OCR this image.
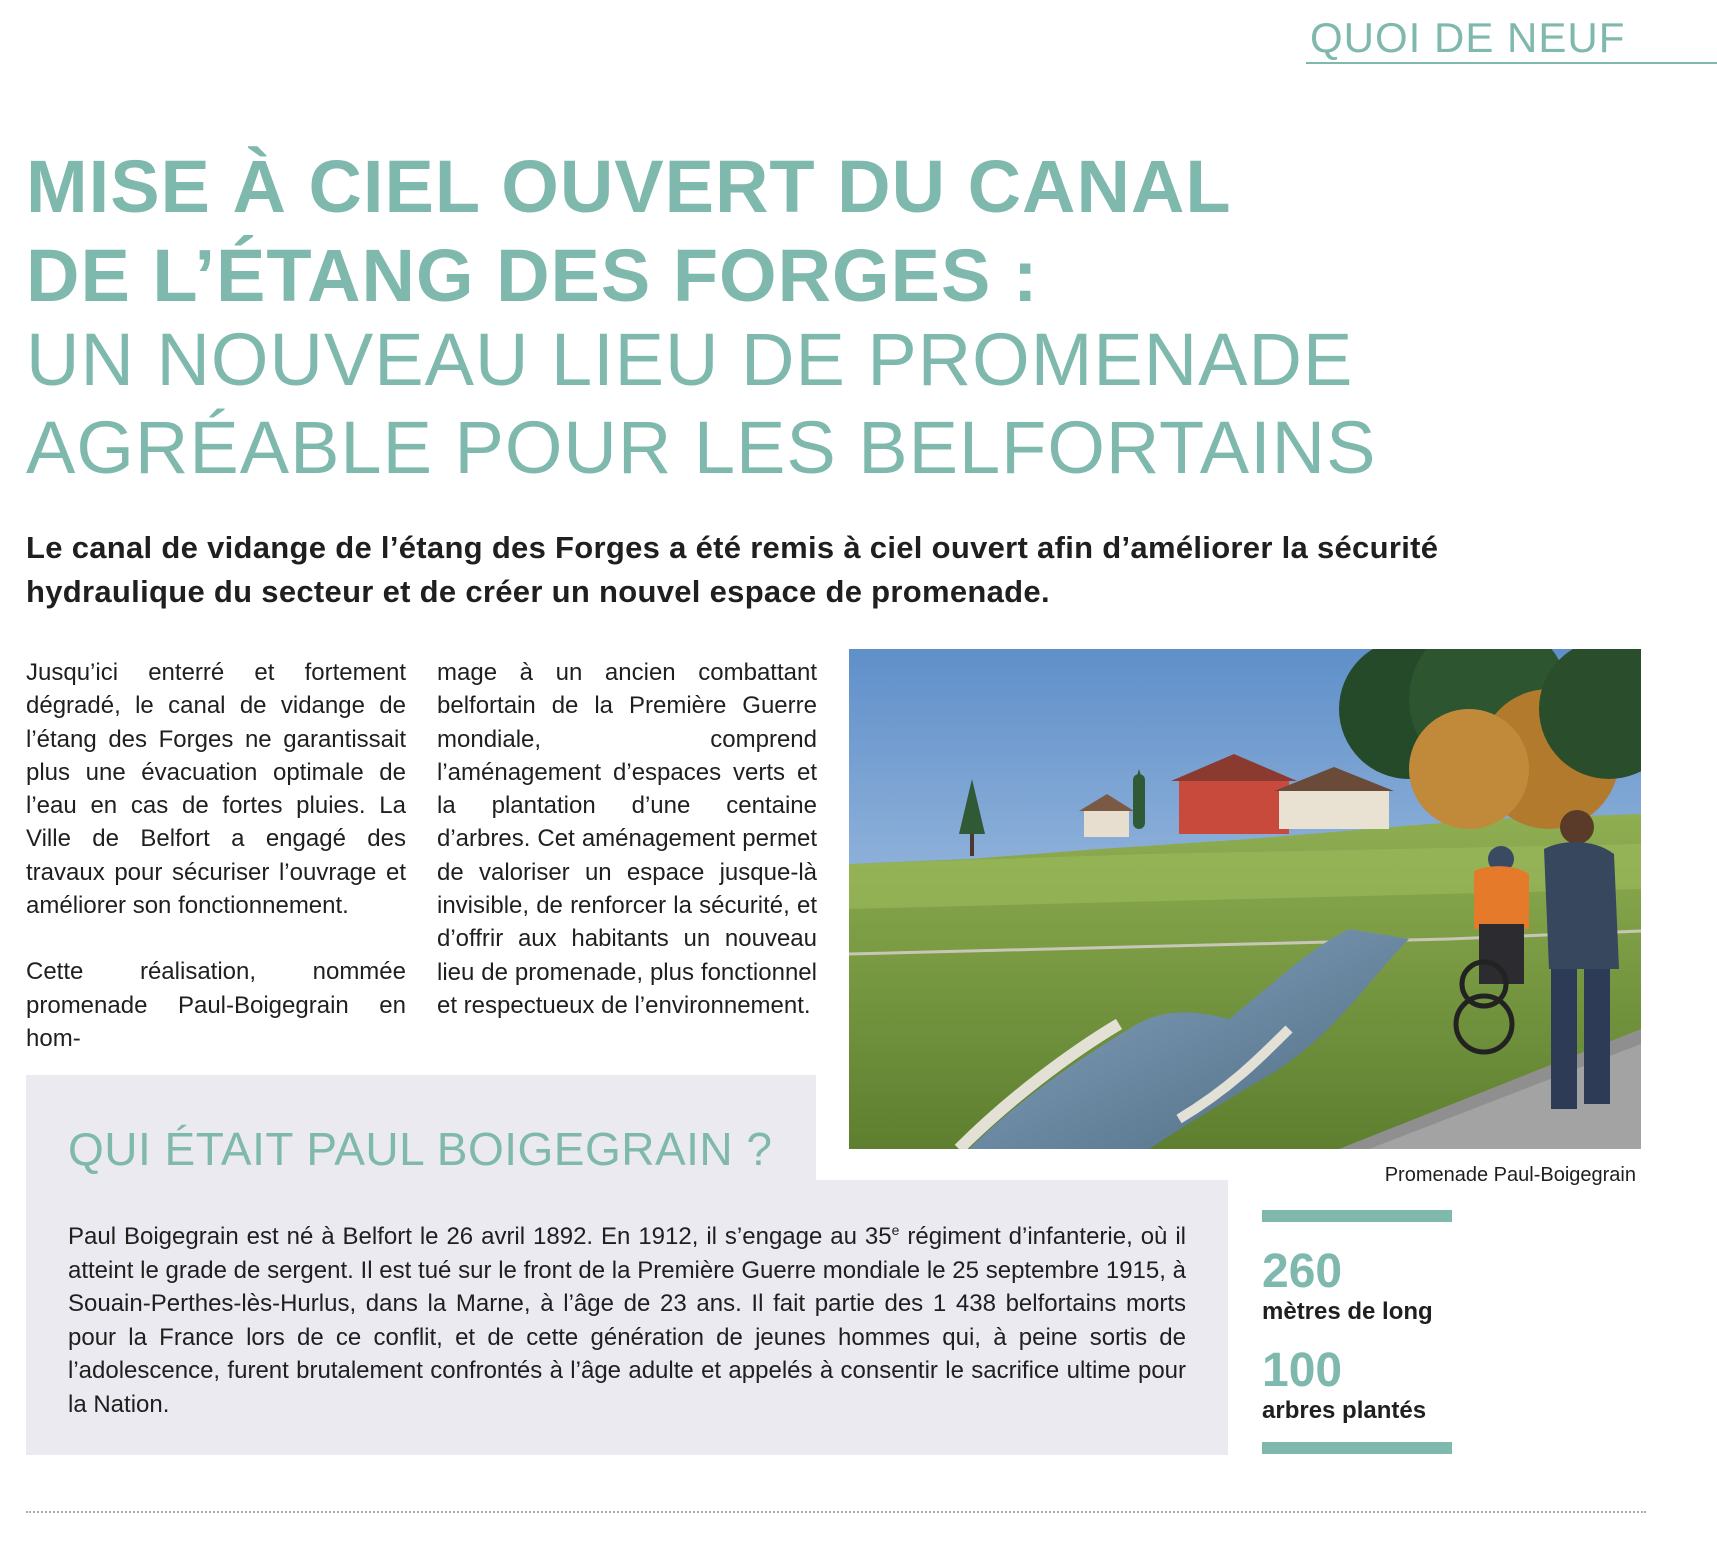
QUOI DE NEUF
MISE À CIEL OUVERT DU CANAL
DE L’ÉTANG DES FORGES :
UN NOUVEAU LIEU DE PROMENADE
AGRÉABLE POUR LES BELFORTAINS
Le canal de vidange de l’étang des Forges a été remis à ciel ouvert afin d’améliorer la sécurité hydraulique du secteur et de créer un nouvel espace de promenade.

Jusqu’ici enterré et fortement dégradé, le canal de vidange de l’étang des Forges ne garantissait plus une évacuation optimale de l’eau en cas de fortes pluies. La Ville de Belfort a engagé des travaux pour sécuriser l’ouvrage et améliorer son fonctionnement.

Cette réalisation, nommée promenade Paul-Boigegrain en hom-

mage à un ancien combattant belfortain de la Première Guerre mondiale, comprend l’aménagement d’espaces verts et la plantation d’une centaine d’arbres. Cet aménagement permet de valoriser un espace jusque-là invisible, de renforcer la sécurité, et d’offrir aux habitants un nouveau lieu de promenade, plus fonctionnel et respectueux de l’environnement.

Promenade Paul-Boigegrain
QUI ÉTAIT PAUL BOIGEGRAIN ?
Paul Boigegrain est né à Belfort le 26 avril 1892. En 1912, il s’engage au 35e régiment d’infanterie, où il atteint le grade de sergent. Il est tué sur le front de la Première Guerre mondiale le 25 septembre 1915, à Souain-Perthes-lès-Hurlus, dans la Marne, à l’âge de 23 ans. Il fait partie des 1 438 belfortains morts pour la France lors de ce conflit, et de cette génération de jeunes hommes qui, à peine sortis de l’adolescence, furent brutalement confrontés à l’âge adulte et appelés à consentir le sacrifice ultime pour la Nation.
260
mètres de long
100
arbres plantés
